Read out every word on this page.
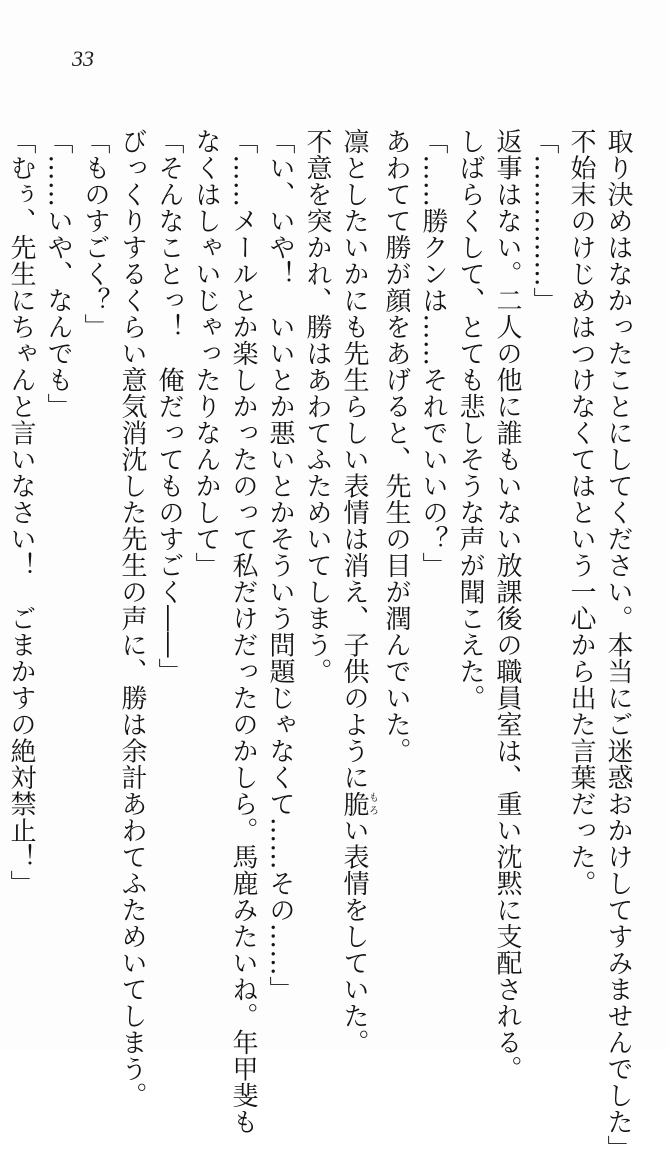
33
取り決めはなかったことにしてください。本当にご迷惑おかけしてすみませんでした」
不始末のけじめはつけなくてはという一心から出た言葉だった。
「……………」
返事はない。二人の他に誰もいない放課後の職員室は、重い沈黙に支配される。
しばらくして、とても悲しそうな声が聞こえた。
「……勝クンは……それでいいの？」
あわてて勝が顔をあげると、先生の目が潤んでいた。
凛としたいかにも先生らしい表情は消え、子供のように脆もろい表情をしていた。
不意を突かれ、勝はあわてふためいてしまう。
「い、いや！　いいとか悪いとかそういう問題じゃなくて……その……」
「……メールとか楽しかったのって私だけだったのかしら。馬鹿みたいね。年甲斐も
なくはしゃいじゃったりなんかして」
「そんなことっ！　俺だってものすごく――」
びっくりするくらい意気消沈した先生の声に、勝は余計あわてふためいてしまう。
「ものすごく？」
「……いや、なんでも」
「むぅ、先生にちゃんと言いなさい！　ごまかすの絶対禁止！」
